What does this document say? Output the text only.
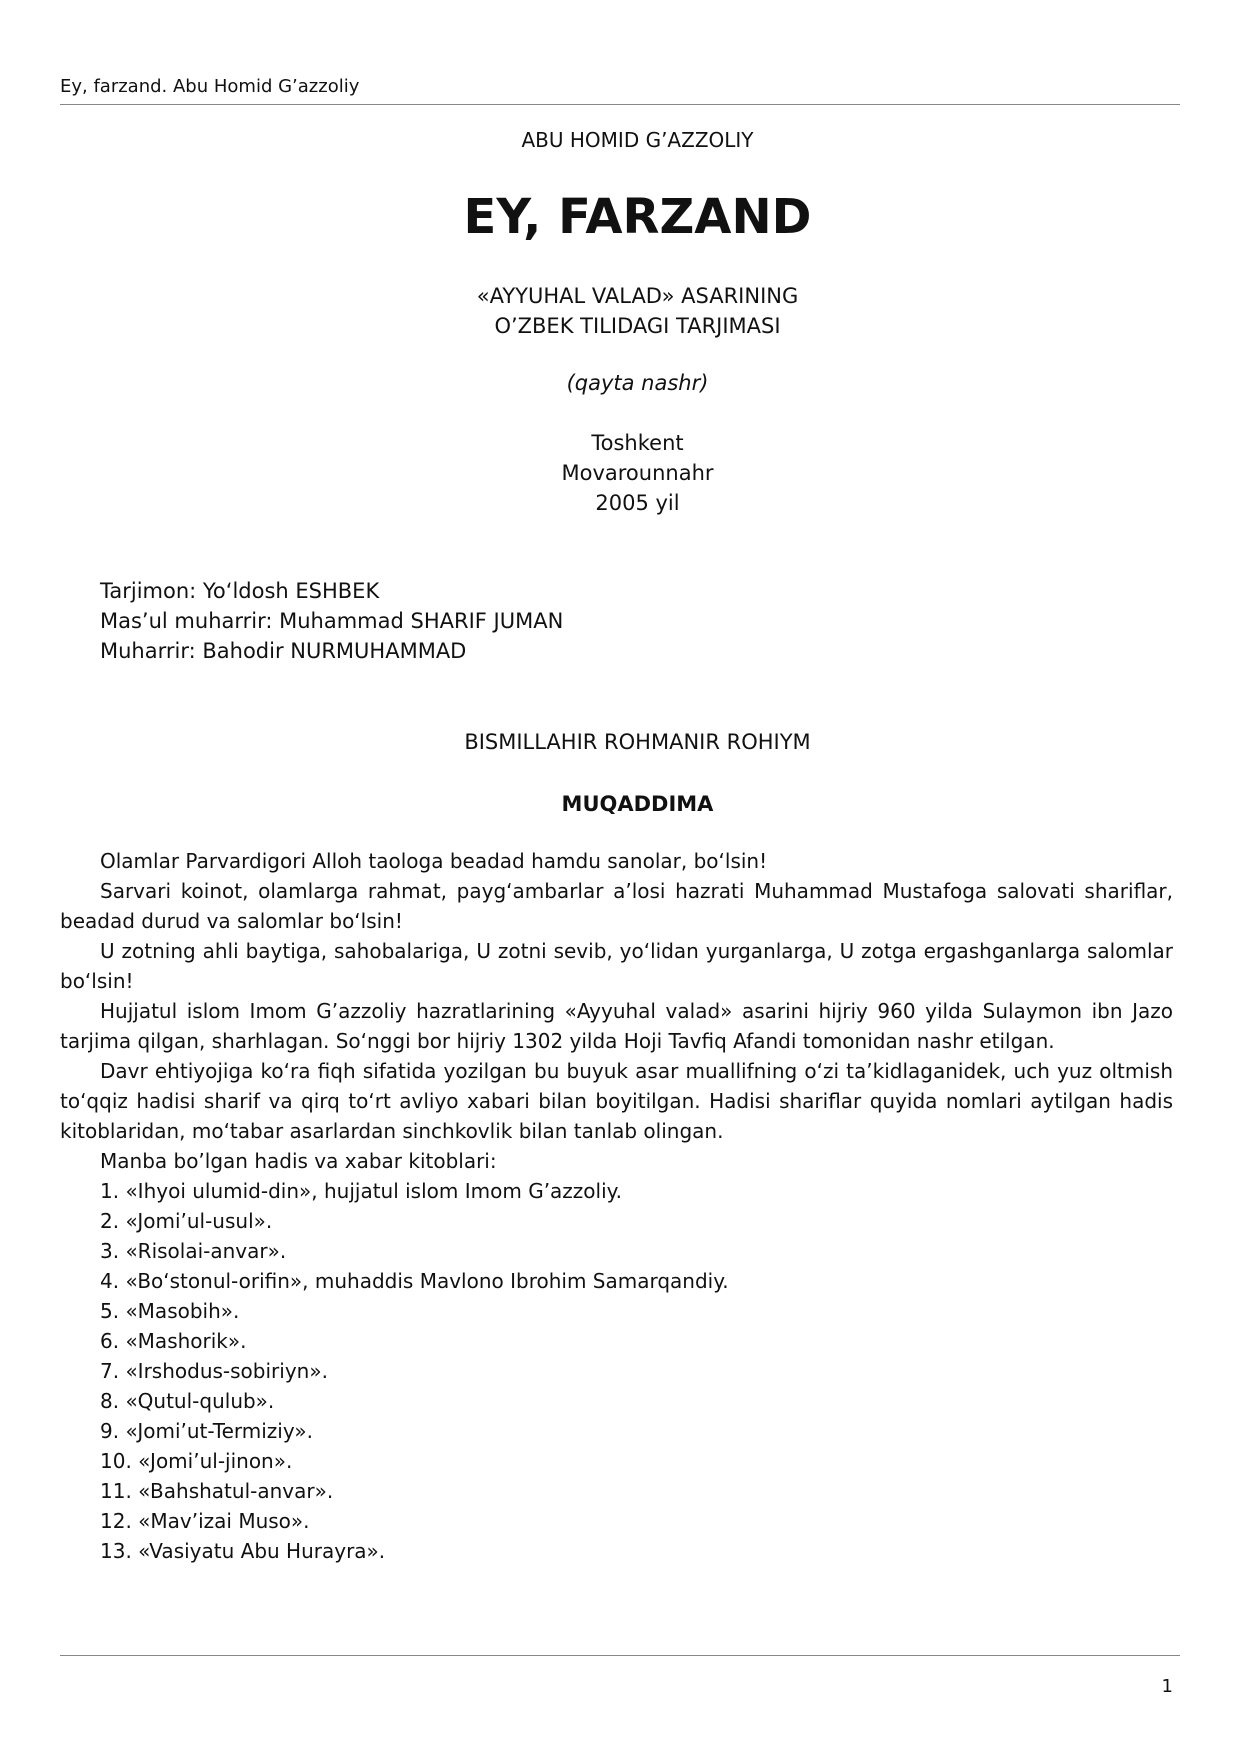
Ey, farzand. Abu Homid G’azzoliy
ABU HOMID G’AZZOLIY
EY, FARZAND
«AYYUHAL VALAD» ASARINING
O’ZBEK TILIDAGI TARJIMASI
(qayta nashr)
Toshkent
Movarounnahr
2005 yil
Tarjimon: Yo‘ldosh ESHBEK
Mas’ul muharrir: Muhammad SHARIF JUMAN
Muharrir: Bahodir NURMUHAMMAD
BISMILLAHIR ROHMANIR ROHIYM
MUQADDIMA

Olamlar Parvardigori Alloh taologa beadad hamdu sanolar, bo‘lsin!

Sarvari koinot, olamlarga rahmat, payg‘ambarlar a’losi hazrati Muhammad Mustafoga salovati shariflar, beadad durud va salomlar bo‘lsin!

U zotning ahli baytiga, sahobalariga, U zotni sevib, yo‘lidan yurganlarga, U zotga ergashganlarga salomlar bo‘lsin!

Hujjatul islom Imom G’azzoliy hazratlarining «Ayyuhal valad» asarini hijriy 960 yilda Sulaymon ibn Jazo tarjima qilgan, sharhlagan. So‘nggi bor hijriy 1302 yilda Hoji Tavfiq Afandi tomonidan nashr etilgan.

Davr ehtiyojiga ko‘ra fiqh sifatida yozilgan bu buyuk asar muallifning o‘zi ta’kidlaganidek, uch yuz oltmish to‘qqiz hadisi sharif va qirq to‘rt avliyo xabari bilan boyitilgan. Hadisi shariflar quyida nomlari aytilgan hadis kitoblaridan, mo‘tabar asarlardan sinchkovlik bilan tanlab olingan.

Manba bo’lgan hadis va xabar kitoblari:

1. «Ihyoi ulumid-din», hujjatul islom Imom G’azzoliy.
2. «Jomi’ul-usul».
3. «Risolai-anvar».
4. «Bo‘stonul-orifin», muhaddis Mavlono Ibrohim Samarqandiy.
5. «Masobih».
6. «Mashorik».
7. «Irshodus-sobiriyn».
8. «Qutul-qulub».
9. «Jomi’ut-Termiziy».
10. «Jomi’ul-jinon».
11. «Bahshatul-anvar».
12. «Mav’izai Muso».
13. «Vasiyatu Abu Hurayra».
1
